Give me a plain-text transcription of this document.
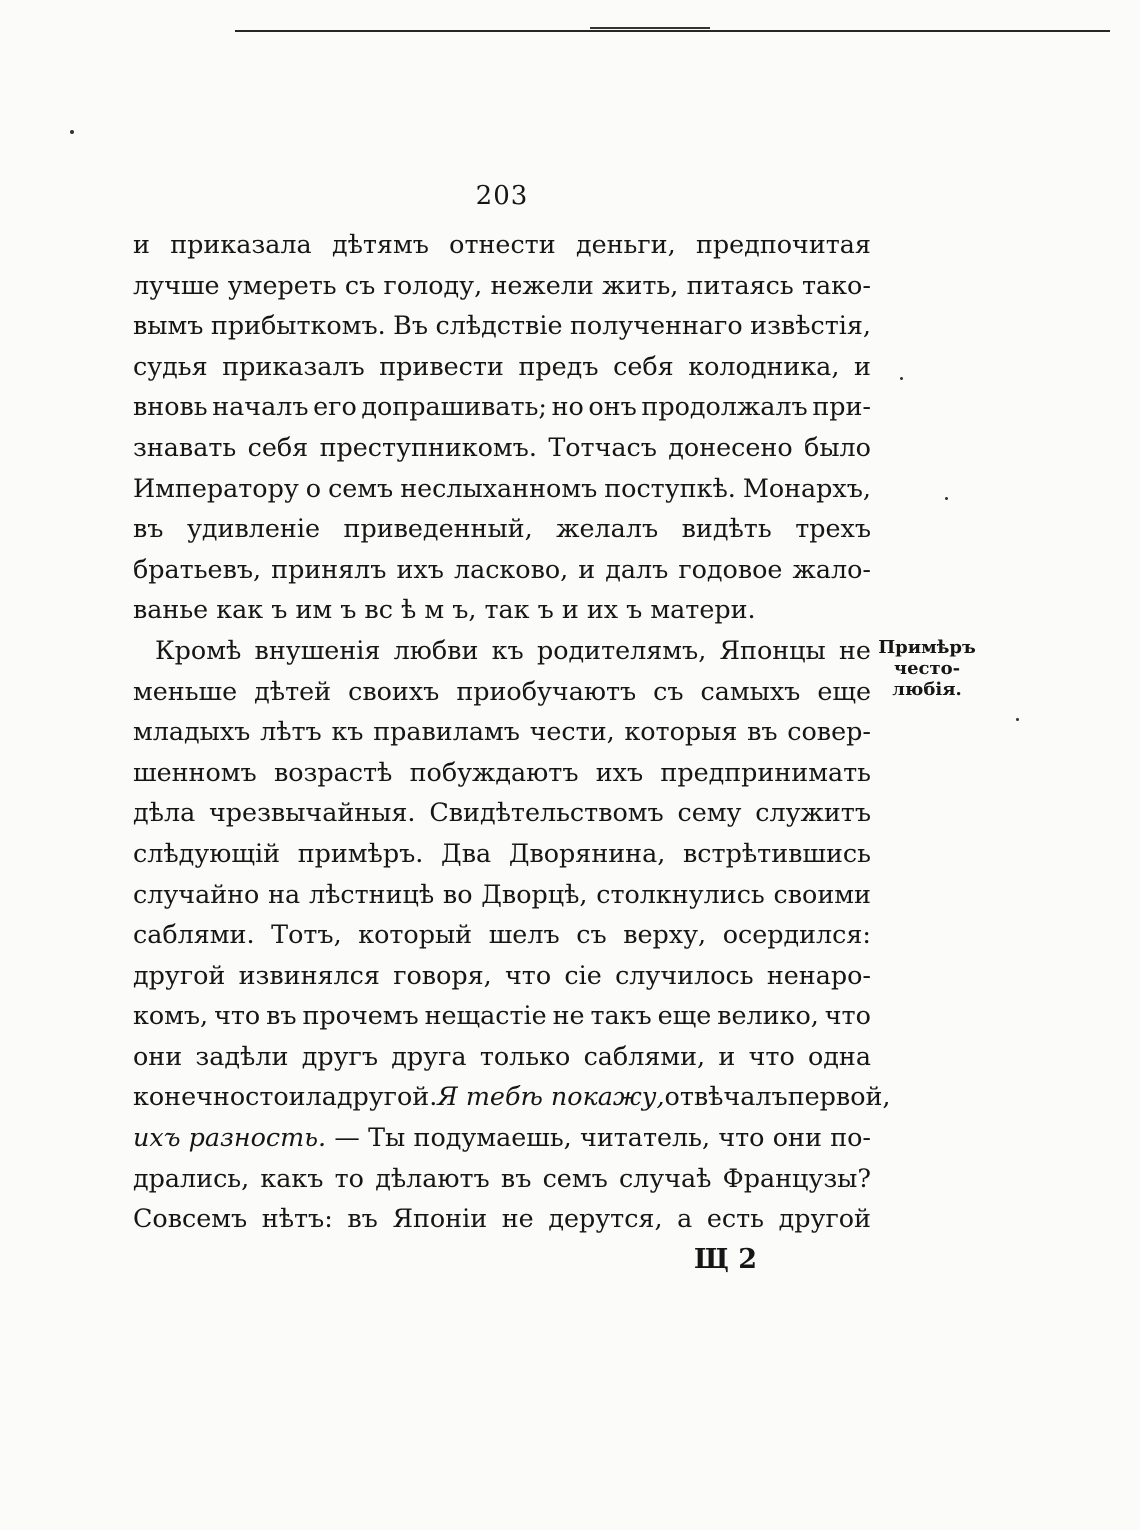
203
и приказала дѣтямъ отнести деньги, предпочитая
лучше умереть съ голоду, нежели жить, питаясь тако-
вымъ прибыткомъ. Въ слѣдствіе полученнаго извѣстія,
судья приказалъ привести предъ себя колодника, и
вновь началъ его допрашивать; но онъ продолжалъ при-
знавать себя преступникомъ. Тотчасъ донесено было
Императору о семъ неслыханномъ поступкѣ. Монархъ,
въ удивленіе приведенный, желалъ видѣть трехъ
братьевъ, принялъ ихъ ласково, и далъ годовое жало-
ванье как ъ им ъ вс ѣ м ъ, так ъ и их ъ матери.
Кромѣ внушенія любви къ родителямъ, Японцы не
меньше дѣтей своихъ приобучаютъ съ самыхъ еще
младыхъ лѣтъ къ правиламъ чести, которыя въ совер-
шенномъ возрастѣ побуждаютъ ихъ предпринимать
дѣла чрезвычайныя. Свидѣтельствомъ сему служитъ
слѣдующій примѣръ. Два Дворянина, встрѣтившись
случайно на лѣстницѣ во Дворцѣ, столкнулись своими
саблями. Тотъ, который шелъ съ верху, осердился:
другой извинялся говоря, что сіе случилось ненаро-
комъ, что въ прочемъ нещастіе не такъ еще велико, что
они задѣли другъ друга только саблями, и что одна
конечно стоила другой. Я тебѣ покажу, отвѣчалъ первой,
ихъ разность. — Ты подумаешь, читатель, что они по-
дрались, какъ то дѣлаютъ въ семъ случаѣ Французы?
Совсемъ нѣтъ: въ Японіи не дерутся, а есть другой
Примѣръ
често-
любія.
Щ 2
